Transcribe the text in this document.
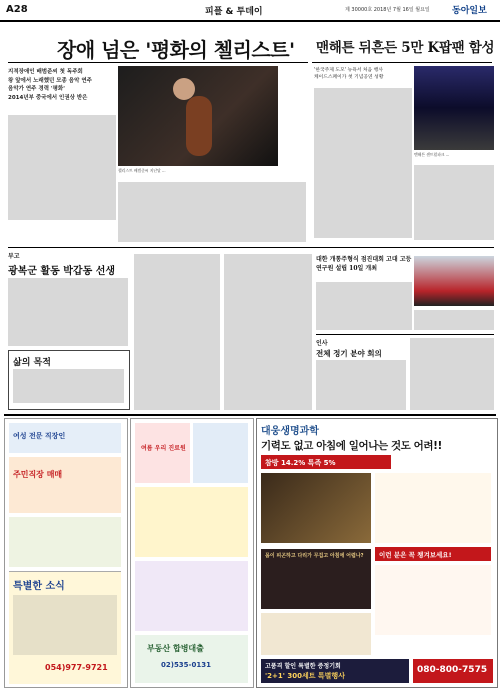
A28	피플 & 투데이	제 30000호 2018년 7월 16일 월요일 동아일보
장애 넘은 '평화의 첼리스트'
지적장애인 배범준씨 첫 독주회
왕 앞에서 노래했던 모종 음악 연주
음악가 연주 경력 '평화'
2014년부 중국에서 인권상 받은
첼리스트 배범준씨 지난달 ...
맨해튼 뒤흔든 5만 K팝팬 함성
'한국주제 도모' 뉴욕서 처음 행사
케이드스페이가 첫 기념공연 성황
맨해튼 센트럴파크 ...
부고
광복군 활동 박갑동 선생
삶의 목적
대한 개통주형식 점진대회 고대 고등연구원 설립 10일 개최
인사
전체 정기 분야 회의
여성 전문 직장인
주민직장 매매
특별한 소식
054)977-9721
여름 우리 진료원
부동산 합병대출
02)535-0131
대웅생명과학
기력도 없고 아침에 일어나는 것도 어려!!
참방 14.2% 특즉 5%
몸이 피곤하고 다리가 무겁고 아침에 어렵나?	이런 분은 꼭 챙겨보세요!
고품격 할인 특별한 증정기회
'2+1' 300세트 특별행사
080-800-7575
